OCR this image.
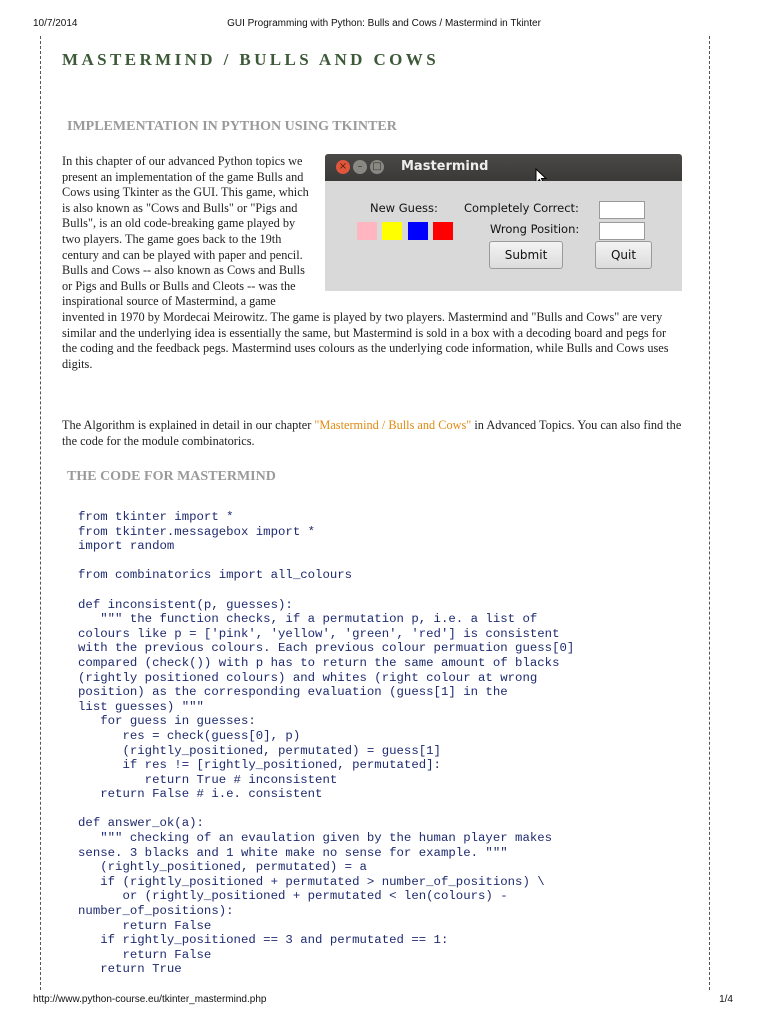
10/7/2014	GUI Programming with Python: Bulls and Cows / Mastermind in Tkinter
MASTERMIND / BULLS AND COWS
IMPLEMENTATION IN PYTHON USING TKINTER

×	– □ Mastermind
New Guess: Completely Correct:
Wrong Position:
Submit	Quit
In this chapter of our advanced Python topics we present an implementation of the game Bulls and Cows using Tkinter as the GUI. This game, which is also known as "Cows and Bulls" or "Pigs and Bulls", is an old code-breaking game played by two players. The game goes back to the 19th century and can be played with paper and pencil. Bulls and Cows -- also known as Cows and Bulls or Pigs and Bulls or Bulls and Cleots -- was the inspirational source of Mastermind, a game invented in 1970 by Mordecai Meirowitz. The game is played by two players. Mastermind and "Bulls and Cows" are very similar and the underlying idea is essentially the same, but Mastermind is sold in a box with a decoding board and pegs for the coding and the feedback pegs. Mastermind uses colours as the underlying code information, while Bulls and Cows uses digits.

The Algorithm is explained in detail in our chapter "Mastermind / Bulls and Cows" in Advanced Topics. You can also find the the code for the module combinatorics.

THE CODE FOR MASTERMIND
from tkinter import *
from tkinter.messagebox import *
import random

from combinatorics import all_colours

def inconsistent(p, guesses):
""" the function checks, if a permutation p, i.e. a list of
colours like p = ['pink', 'yellow', 'green', 'red'] is consistent
with the previous colours. Each previous colour permuation guess[0]
compared (check()) with p has to return the same amount of blacks
(rightly positioned colours) and whites (right colour at wrong
position) as the corresponding evaluation (guess[1] in the
list guesses) """
for guess in guesses:
res = check(guess[0], p)
(rightly_positioned, permutated) = guess[1]
if res != [rightly_positioned, permutated]:
return True # inconsistent
return False # i.e. consistent

def answer_ok(a):
""" checking of an evaulation given by the human player makes
sense. 3 blacks and 1 white make no sense for example. """
(rightly_positioned, permutated) = a
if (rightly_positioned + permutated > number_of_positions) \
or (rightly_positioned + permutated < len(colours) -
number_of_positions):
return False
if rightly_positioned == 3 and permutated == 1:
return False
return True
http://www.python-course.eu/tkinter_mastermind.php	1/4
